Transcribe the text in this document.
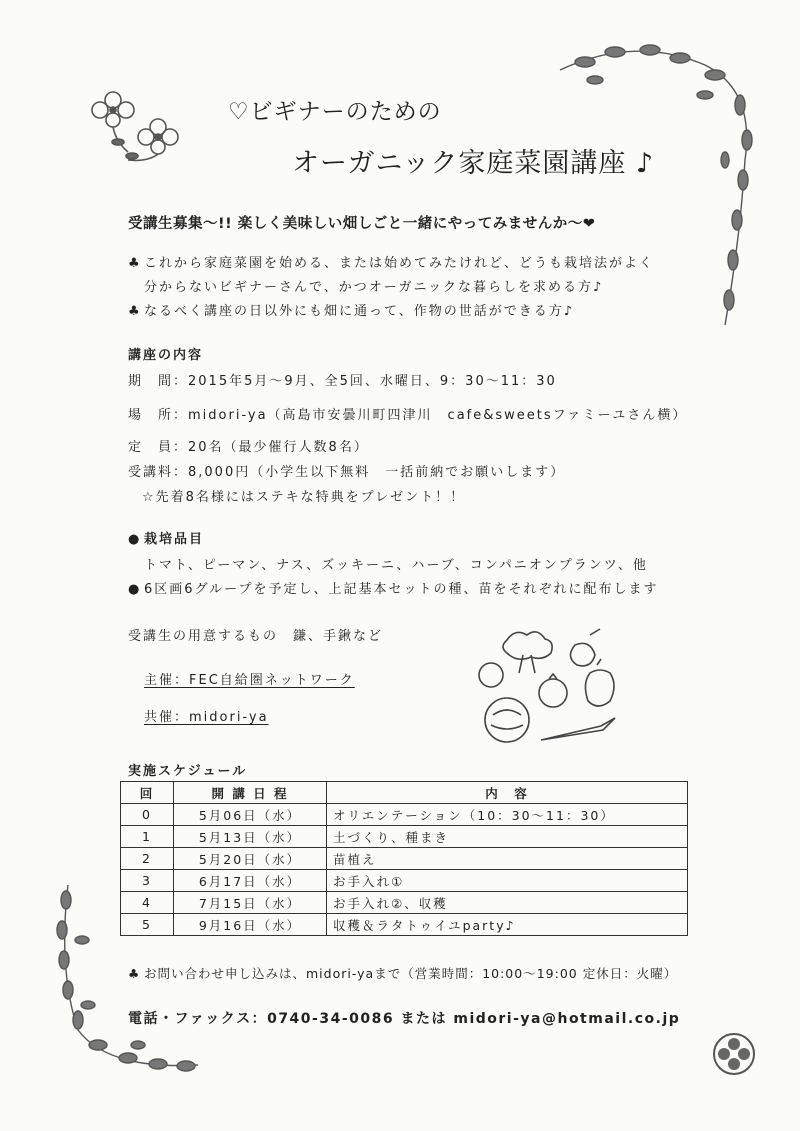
♡ビギナーのための
オーガニック家庭菜園講座 ♪
受講生募集〜!! 楽しく美味しい畑しごと一緒にやってみませんか〜❤
♣ これから家庭菜園を始める、または始めてみたけれど、どうも栽培法がよく
分からないビギナーさんで、かつオーガニックな暮らしを求める方♪
♣ なるべく講座の日以外にも畑に通って、作物の世話ができる方♪
講座の内容
期　間：2015年5月〜9月、全5回、水曜日、9：30〜11：30
場　所：midori-ya（高島市安曇川町四津川　cafe&sweetsファミーユさん横）
定　員：20名（最少催行人数8名）
受講料：8,000円（小学生以下無料　一括前納でお願いします）
☆先着8名様にはステキな特典をプレゼント！！
● 栽培品目
トマト、ピーマン、ナス、ズッキーニ、ハーブ、コンパニオンプランツ、他
● 6区画6グループを予定し、上記基本セットの種、苗をそれぞれに配布します
受講生の用意するもの　鎌、手鍬など
主催：FEC自給圏ネットワーク
共催：midori-ya
実施スケジュール
回	開 講 日 程	内　容
0	5月06日（水）	オリエンテーション（10：30〜11：30）
1	5月13日（水）	土づくり、種まき
2	5月20日（水）	苗植え
3	6月17日（水）	お手入れ①
4	7月15日（水）	お手入れ②、収穫
5	9月16日（水）	収穫＆ラタトゥイユparty♪
♣ お問い合わせ申し込みは、midori-yaまで（営業時間：10:00〜19:00 定休日：火曜）
電話・ファックス：0740-34-0086 または midori-ya@hotmail.co.jp
